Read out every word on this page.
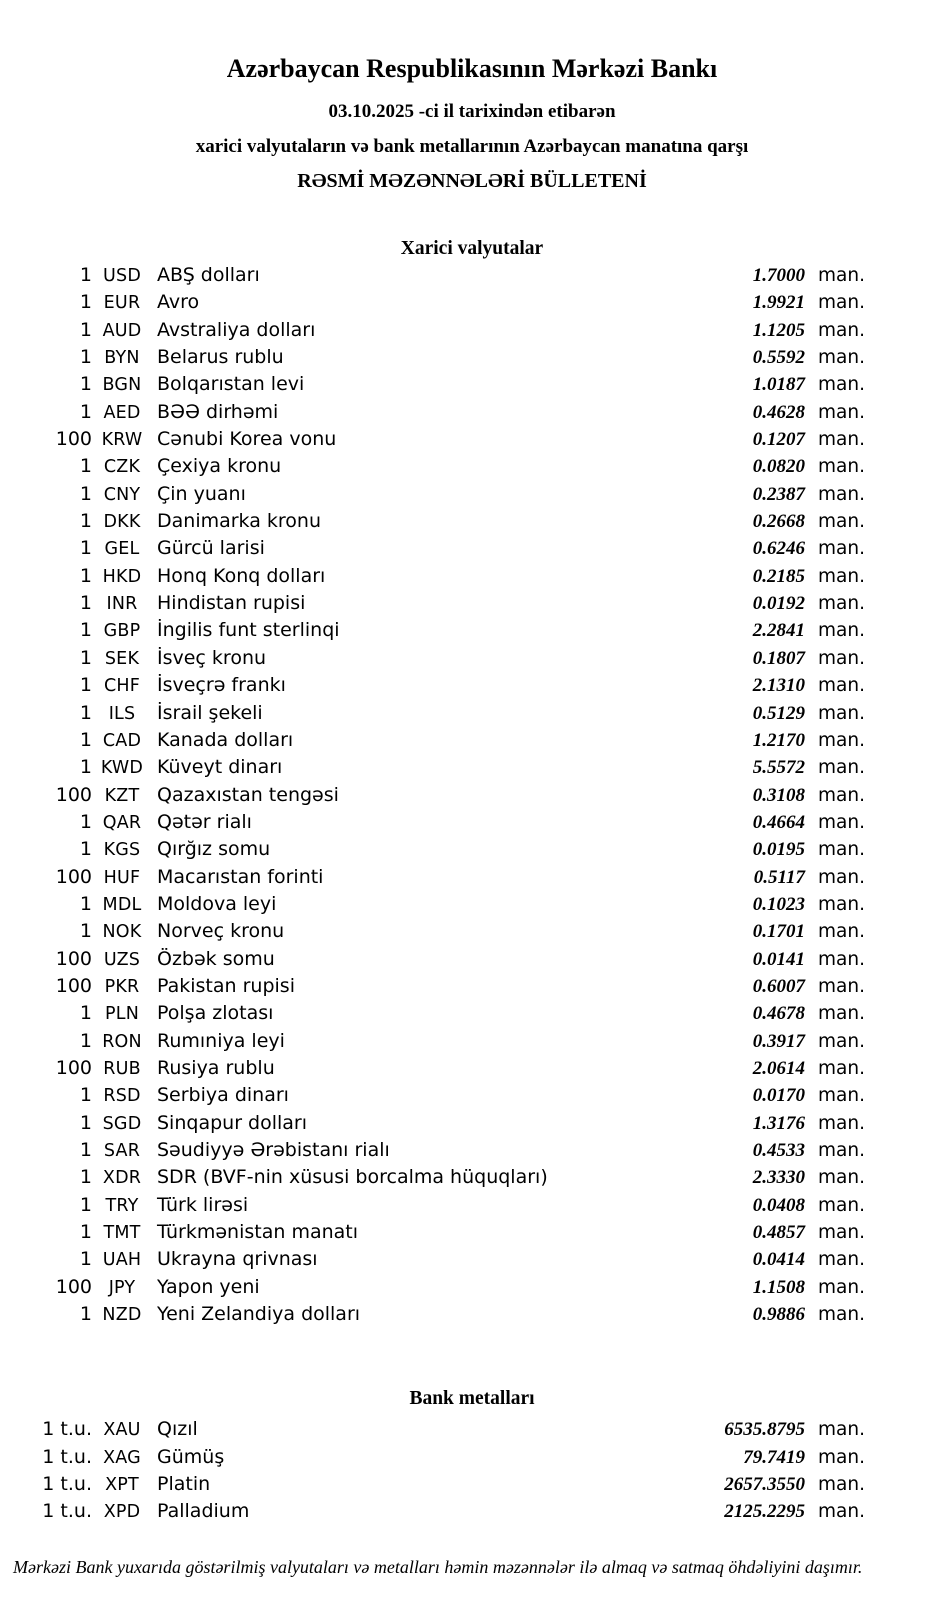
Azərbaycan Respublikasının Mərkəzi Bankı
03.10.2025 -ci il tarixindən etibarən
xarici valyutaların və bank metallarının Azərbaycan manatına qarşı
RƏSMİ MƏZƏNNƏLƏRİ BÜLLETENİ
Xarici valyutalar
1 USD ABŞ dolları	1.7000 man.
1 EUR Avro	1.9921 man.
1 AUD Avstraliya dolları	1.1205 man.
1 BYN Belarus rublu	0.5592 man.
1 BGN Bolqarıstan levi	1.0187 man.
1 AED BƏƏ dirhəmi	0.4628 man.
100 KRW Cənubi Korea vonu	0.1207 man.
1 CZK Çexiya kronu	0.0820 man.
1 CNY Çin yuanı	0.2387 man.
1 DKK Danimarka kronu	0.2668 man.
1 GEL Gürcü larisi	0.6246 man.
1 HKD Honq Konq dolları	0.2185 man.
1 INR	Hindistan rupisi	0.0192 man.
1 GBP İngilis funt sterlinqi	2.2841 man.
1 SEK İsveç kronu	0.1807 man.
1 CHF İsveçrə frankı	2.1310 man.
1 ILS	İsrail şekeli	0.5129 man.
1 CAD Kanada dolları	1.2170 man.
1 KWD Küveyt dinarı	5.5572 man.
100 KZT Qazaxıstan tengəsi	0.3108 man.
1 QAR Qətər rialı	0.4664 man.
1 KGS Qırğız somu	0.0195 man.
100 HUF Macarıstan forinti	0.5117 man.
1 MDL Moldova leyi	0.1023 man.
1 NOK Norveç kronu	0.1701 man.
100 UZS Özbək somu	0.0141 man.
100 PKR Pakistan rupisi	0.6007 man.
1 PLN Polşa zlotası	0.4678 man.
1 RON Rumıniya leyi	0.3917 man.
100 RUB Rusiya rublu	2.0614 man.
1 RSD Serbiya dinarı	0.0170 man.
1 SGD Sinqapur dolları	1.3176 man.
1 SAR Səudiyyə Ərəbistanı rialı	0.4533 man.
1 XDR SDR (BVF-nin xüsusi borcalma hüquqları)	2.3330 man.
1 TRY Türk lirəsi	0.0408 man.
1 TMT Türkmənistan manatı	0.4857 man.
1 UAH Ukrayna qrivnası	0.0414 man.
100 JPY	Yapon yeni	1.1508 man.
1 NZD Yeni Zelandiya dolları	0.9886 man.
Bank metalları
1 t.u. XAU Qızıl	6535.8795 man.
1 t.u. XAG Gümüş	79.7419 man.
1 t.u. XPT Platin	2657.3550 man.
1 t.u. XPD Palladium	2125.2295 man.
Mərkəzi Bank yuxarıda göstərilmiş valyutaları və metalları həmin məzənnələr ilə almaq və satmaq öhdəliyini daşımır.
